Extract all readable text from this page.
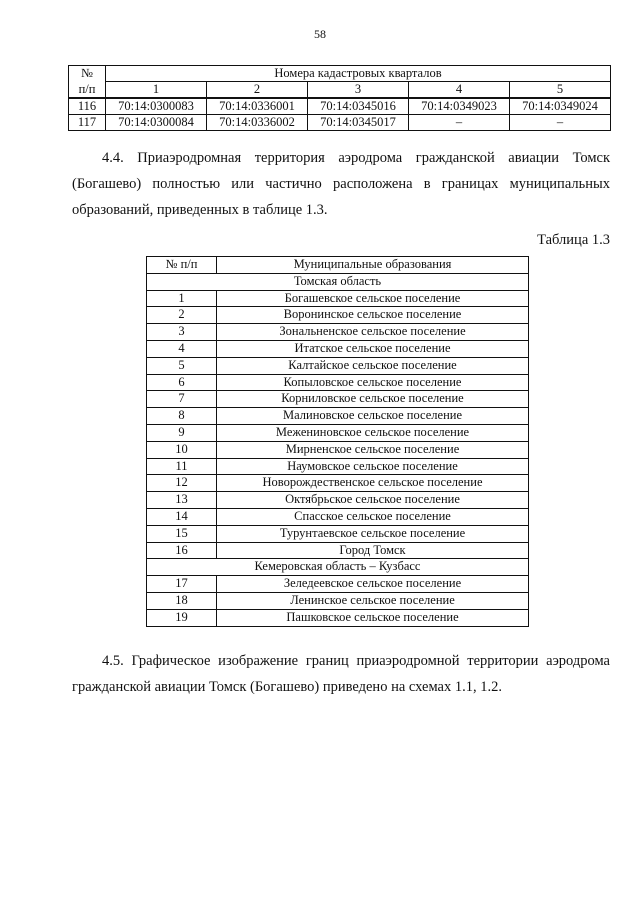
58
№	Номера кадастровых кварталов				
п/п	1	2	3	4	5
116	70:14:0300083	70:14:0336001	70:14:0345016	70:14:0349023	70:14:0349024
117	70:14:0300084	70:14:0336002	70:14:0345017	–	–
4.4. Приаэродромная территория аэродрома гражданской авиации Томск (Богашево) полностью или частично расположена в границах муниципальных образований, приведенных в таблице 1.3.
Таблица 1.3
№ п/п	Муниципальные образования
Томская область	
1	Богашевское сельское поселение
2	Воронинское сельское поселение
3	Зональненское сельское поселение
4	Итатское сельское поселение
5	Калтайское сельское поселение
6	Копыловское сельское поселение
7	Корниловское сельское поселение
8	Малиновское сельское поселение
9	Межениновское сельское поселение
10	Мирненское сельское поселение
11	Наумовское сельское поселение
12	Новорождественское сельское поселение
13	Октябрьское сельское поселение
14	Спасское сельское поселение
15	Турунтаевское сельское поселение
16	Город Томск
Кемеровская область – Кузбасс	
17	Зеледеевское сельское поселение
18	Ленинское сельское поселение
19	Пашковское сельское поселение
4.5. Графическое изображение границ приаэродромной территории аэродрома гражданской авиации Томск (Богашево) приведено на схемах 1.1, 1.2.
